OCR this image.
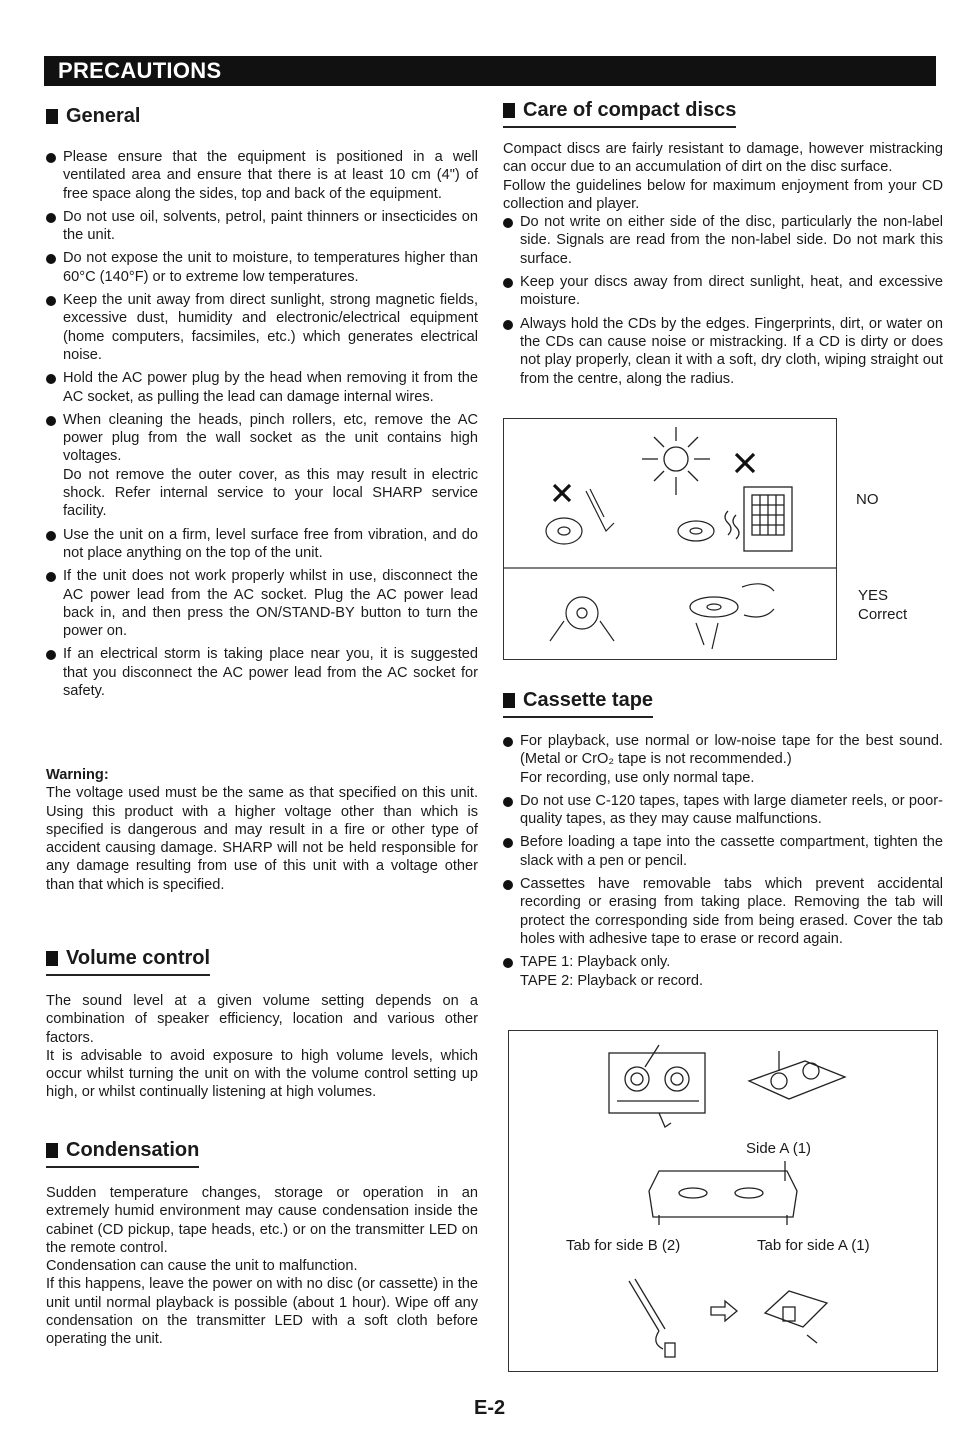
PRECAUTIONS
General
Please ensure that the equipment is positioned in a well ventilated area and ensure that there is at least 10 cm (4") of free space along the sides, top and back of the equipment.
Do not use oil, solvents, petrol, paint thinners or insecticides on the unit.
Do not expose the unit to moisture, to temperatures higher than 60°C (140°F) or to extreme low temperatures.
Keep the unit away from direct sunlight, strong magnetic fields, excessive dust, humidity and electronic/electrical equipment (home computers, facsimiles, etc.) which generates electrical noise.
Hold the AC power plug by the head when removing it from the AC socket, as pulling the lead can damage internal wires.
When cleaning the heads, pinch rollers, etc, remove the AC power plug from the wall socket as the unit contains high voltages.
Do not remove the outer cover, as this may result in electric shock. Refer internal service to your local SHARP service facility.
Use the unit on a firm, level surface free from vibration, and do not place anything on the top of the unit.
If the unit does not work properly whilst in use, disconnect the AC power lead from the AC socket. Plug the AC power lead back in, and then press the ON/STAND-BY button to turn the power on.
If an electrical storm is taking place near you, it is suggested that you disconnect the AC power lead from the AC socket for safety.
Warning:

The voltage used must be the same as that specified on this unit. Using this product with a higher voltage other than which is specified is dangerous and may result in a fire or other type of accident causing damage. SHARP will not be held responsible for any damage resulting from use of this unit with a voltage other than that which is specified.

Volume control

The sound level at a given volume setting depends on a combination of speaker efficiency, location and various other factors.

It is advisable to avoid exposure to high volume levels, which occur whilst turning the unit on with the volume control setting up high, or whilst continually listening at high volumes.

Condensation

Sudden temperature changes, storage or operation in an extremely humid environment may cause condensation inside the cabinet (CD pickup, tape heads, etc.) or on the transmitter LED on the remote control.

Condensation can cause the unit to malfunction.

If this happens, leave the power on with no disc (or cassette) in the unit until normal playback is possible (about 1 hour). Wipe off any condensation on the transmitter LED with a soft cloth before operating the unit.

Care of compact discs

Compact discs are fairly resistant to damage, however mistracking can occur due to an accumulation of dirt on the disc surface.

Follow the guidelines below for maximum enjoyment from your CD collection and player.

Do not write on either side of the disc, particularly the non-label side. Signals are read from the non-label side. Do not mark this surface.
Keep your discs away from direct sunlight, heat, and excessive moisture.
Always hold the CDs by the edges. Fingerprints, dirt, or water on the CDs can cause noise or mistracking. If a CD is dirty or does not play properly, clean it with a soft, dry cloth, wiping straight out from the centre, along the radius.
NO
YES
Correct
Cassette tape
For playback, use normal or low-noise tape for the best sound. (Metal or CrO₂ tape is not recommended.)
For recording, use only normal tape.
Do not use C-120 tapes, tapes with large diameter reels, or poor-quality tapes, as they may cause malfunctions.
Before loading a tape into the cassette compartment, tighten the slack with a pen or pencil.
Cassettes have removable tabs which prevent accidental recording or erasing from taking place. Removing the tab will protect the corresponding side from being erased. Cover the tab holes with adhesive tape to erase or record again.
TAPE 1: Playback only.
TAPE 2: Playback or record.
Side A (1)
Tab for side B (2)	Tab for side A (1)
E-2
